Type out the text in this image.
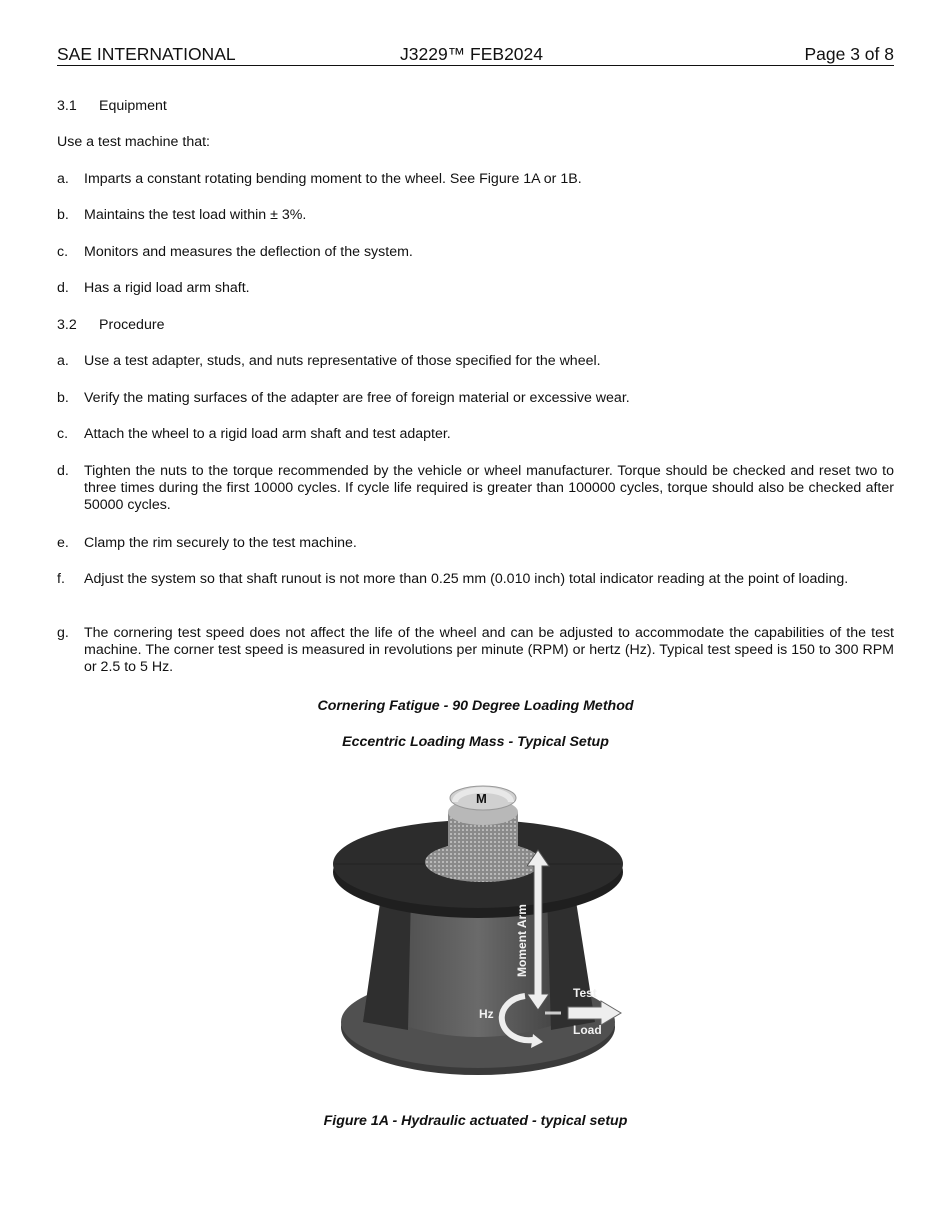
SAE INTERNATIONAL	J3229™ FEB2024	Page 3 of 8
3.1	Equipment
Use a test machine that:
a.	Imparts a constant rotating bending moment to the wheel. See Figure 1A or 1B.
b.	Maintains the test load within ± 3%.
c.	Monitors and measures the deflection of the system.
d.	Has a rigid load arm shaft.
3.2	Procedure
a.	Use a test adapter, studs, and nuts representative of those specified for the wheel.
b.	Verify the mating surfaces of the adapter are free of foreign material or excessive wear.
c.	Attach the wheel to a rigid load arm shaft and test adapter.
d.	Tighten the nuts to the torque recommended by the vehicle or wheel manufacturer. Torque should be checked and reset two to three times during the first 10000 cycles. If cycle life required is greater than 100000 cycles, torque should also be checked after 50000 cycles.
e.	Clamp the rim securely to the test machine.
f.	Adjust the system so that shaft runout is not more than 0.25 mm (0.010 inch) total indicator reading at the point of loading.
g.	The cornering test speed does not affect the life of the wheel and can be adjusted to accommodate the capabilities of the test machine. The corner test speed is measured in revolutions per minute (RPM) or hertz (Hz). Typical test speed is 150 to 300 RPM or 2.5 to 5 Hz.
Cornering Fatigue - 90 Degree Loading Method
Eccentric Loading Mass - Typical Setup
M
Moment Arm
Hz
Test
Load
Figure 1A - Hydraulic actuated - typical setup
